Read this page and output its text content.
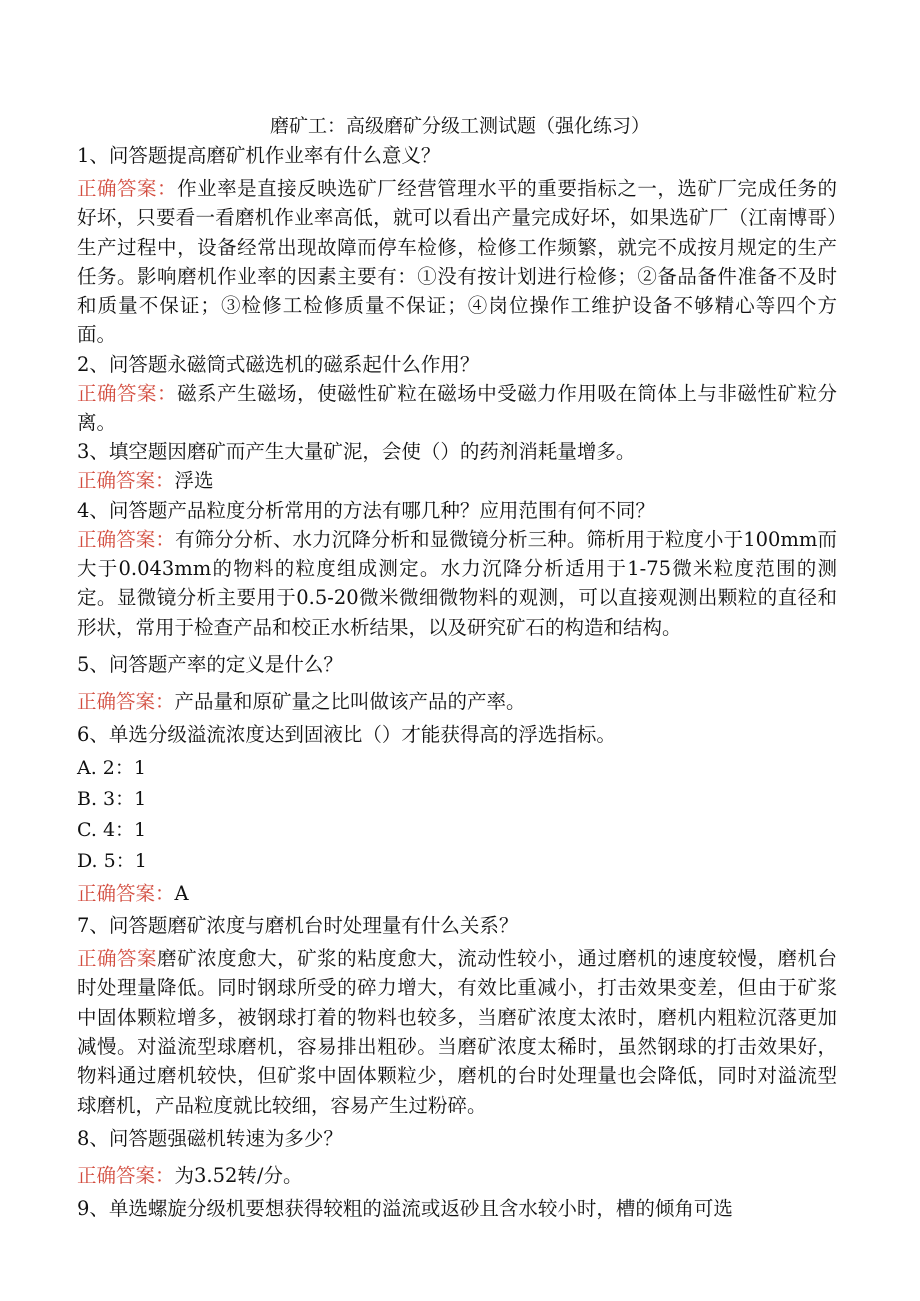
磨矿工：高级磨矿分级工测试题（强化练习）

1、问答题提高磨矿机作业率有什么意义？

正确答案：作业率是直接反映选矿厂经营管理水平的重要指标之一，选矿厂完成任务的好坏，只要看一看磨机作业率高低，就可以看出产量完成好坏，如果选矿厂（江南博哥）生产过程中，设备经常出现故障而停车检修，检修工作频繁，就完不成按月规定的生产任务。影响磨机作业率的因素主要有：①没有按计划进行检修；②备品备件准备不及时和质量不保证；③检修工检修质量不保证；④岗位操作工维护设备不够精心等四个方面。

2、问答题永磁筒式磁选机的磁系起什么作用？

正确答案：磁系产生磁场，使磁性矿粒在磁场中受磁力作用吸在筒体上与非磁性矿粒分离。

3、填空题因磨矿而产生大量矿泥，会使（）的药剂消耗量增多。

正确答案：浮选

4、问答题产品粒度分析常用的方法有哪几种？应用范围有何不同？

正确答案：有筛分分析、水力沉降分析和显微镜分析三种。筛析用于粒度小于100mm而大于0.043mm的物料的粒度组成测定。水力沉降分析适用于1-75微米粒度范围的测定。显微镜分析主要用于0.5-20微米微细微物料的观测，可以直接观测出颗粒的直径和形状，常用于检查产品和校正水析结果，以及研究矿石的构造和结构。

5、问答题产率的定义是什么？

正确答案：产品量和原矿量之比叫做该产品的产率。

6、单选分级溢流浓度达到固液比（）才能获得高的浮选指标。

A. 2：1

B. 3：1

C. 4：1

D. 5：1

正确答案：A

7、问答题磨矿浓度与磨机台时处理量有什么关系？

正确答案磨矿浓度愈大，矿浆的粘度愈大，流动性较小，通过磨机的速度较慢，磨机台时处理量降低。同时钢球所受的碎力增大，有效比重减小，打击效果变差，但由于矿浆中固体颗粒增多，被钢球打着的物料也较多，当磨矿浓度太浓时，磨机内粗粒沉落更加减慢。对溢流型球磨机，容易排出粗砂。当磨矿浓度太稀时，虽然钢球的打击效果好，物料通过磨机较快，但矿浆中固体颗粒少，磨机的台时处理量也会降低，同时对溢流型球磨机，产品粒度就比较细，容易产生过粉碎。

8、问答题强磁机转速为多少？

正确答案：为3.52转/分。

9、单选螺旋分级机要想获得较粗的溢流或返砂且含水较小时，槽的倾角可选
